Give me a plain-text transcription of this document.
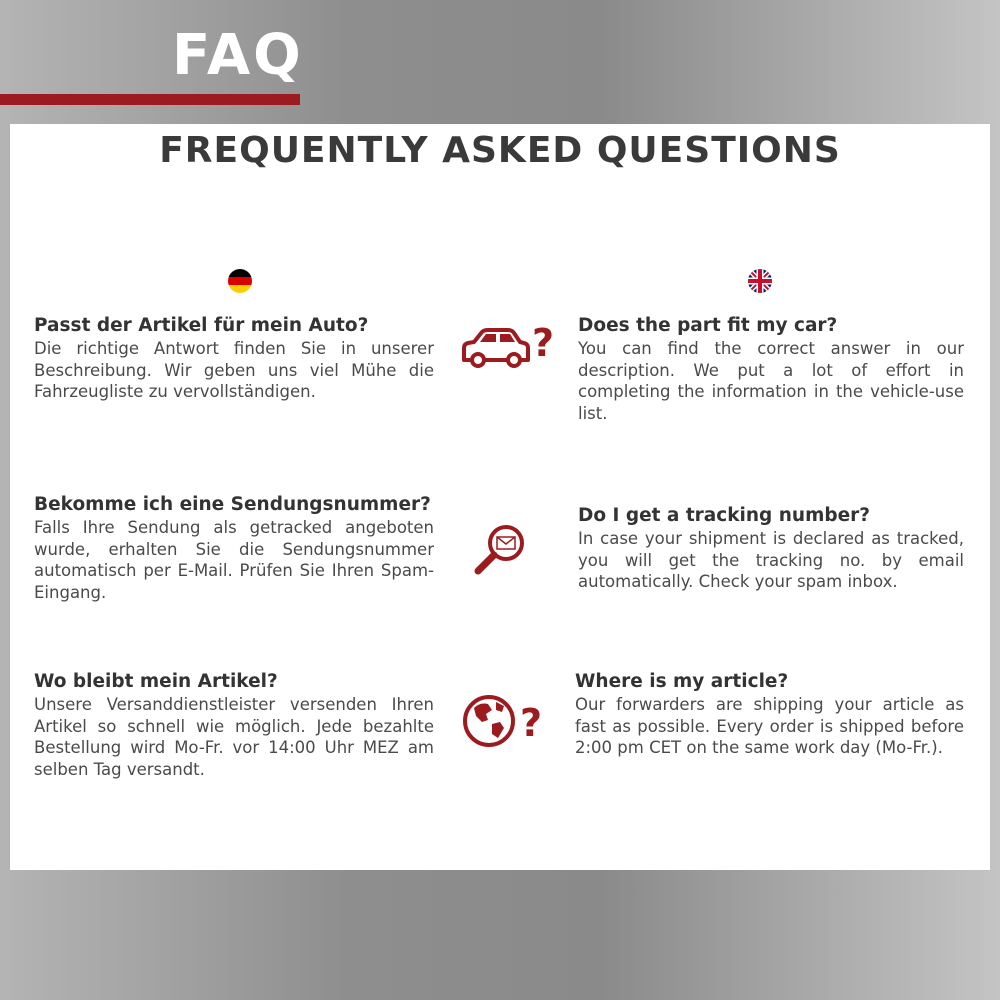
FAQ
FREQUENTLY ASKED QUESTIONS

Passt der Artikel für mein Auto?

Die richtige Antwort finden Sie in unserer Beschreibung. Wir geben uns viel Mühe die Fahrzeugliste zu vervollständigen.

? Does the part fit my car?

You can find the correct answer in our description. We put a lot of effort in completing the information in the vehicle-use list.

Bekomme ich eine Sendungsnummer?

Falls Ihre Sendung als getracked angeboten wurde, erhalten Sie die Sendungsnummer automatisch per E-Mail. Prüfen Sie Ihren Spam-Eingang.

Do I get a tracking number?

In case your shipment is declared as tracked, you will get the tracking no. by email automatically. Check your spam inbox.

Wo bleibt mein Artikel?

Unsere Versanddienstleister versenden Ihren Artikel so schnell wie möglich. Jede bezahlte Bestellung wird Mo-Fr. vor 14:00 Uhr MEZ am selben Tag versandt.

?

Where is my article?

Our forwarders are shipping your article as fast as possible. Every order is shipped before 2:00 pm CET on the same work day (Mo-Fr.).
